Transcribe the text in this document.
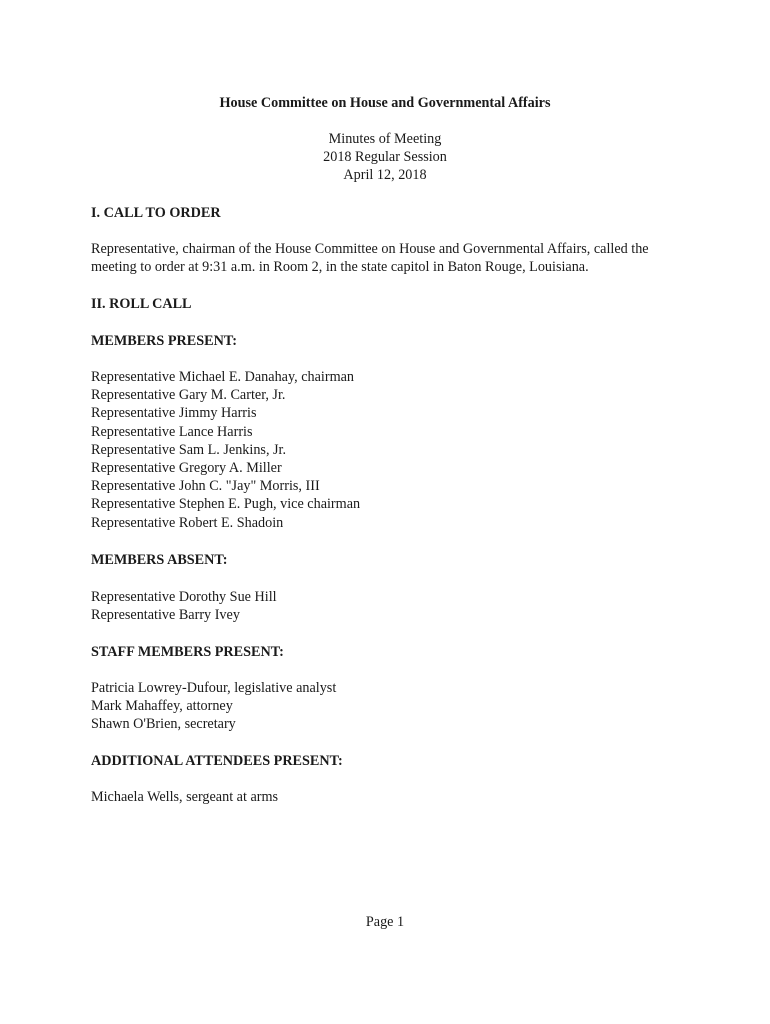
House Committee on House and Governmental Affairs
Minutes of Meeting
2018 Regular Session
April 12, 2018
I. CALL TO ORDER
Representative, chairman of the House Committee on House and Governmental Affairs, called the
meeting to order at 9:31 a.m. in Room 2, in the state capitol in Baton Rouge, Louisiana.
II. ROLL CALL
MEMBERS PRESENT:
Representative Michael E. Danahay, chairman
Representative Gary M. Carter, Jr.
Representative Jimmy Harris
Representative Lance Harris
Representative Sam L. Jenkins, Jr.
Representative Gregory A. Miller
Representative John C. "Jay" Morris, III
Representative Stephen E. Pugh, vice chairman
Representative Robert E. Shadoin
MEMBERS ABSENT:
Representative Dorothy Sue Hill
Representative Barry Ivey
STAFF MEMBERS PRESENT:
Patricia Lowrey-Dufour, legislative analyst
Mark Mahaffey, attorney
Shawn O'Brien, secretary
ADDITIONAL ATTENDEES PRESENT:
Michaela Wells, sergeant at arms
Page 1
